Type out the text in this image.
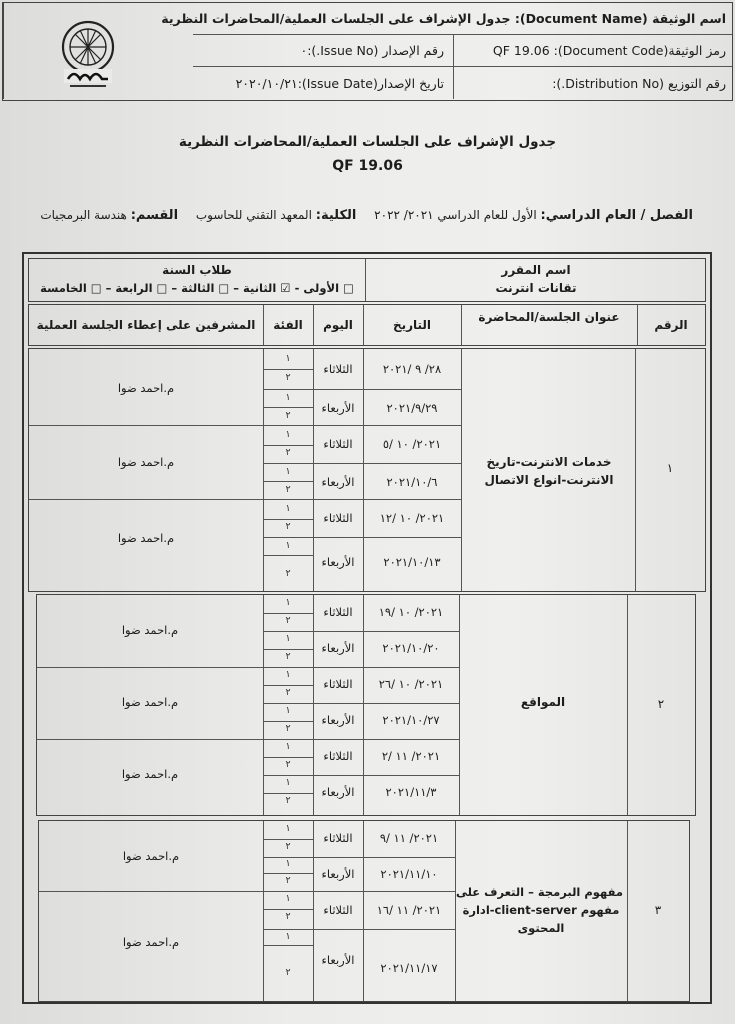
اسم الوثيقة (Document Name): جدول الإشراف على الجلسات العملية/المحاضرات النظرية
رمز الوثيقة(Document Code): QF 19.06
رقم الإصدار (Issue No.):٠
رقم التوزيع (Distribution No.):
تاريخ الإصدار(Issue Date):٢٠٢٠/١٠/٢١
جدول الإشراف على الجلسات العملية/المحاضرات النظرية
QF 19.06
الفصل / العام الدراسي: الأول للعام الدراسي ٢٠٢١/ ٢٠٢٢ الكلية: المعهد التقني للحاسوب القسم: هندسة البرمجيات
اسم المقرر
تقانات انترنت
طلاب السنة
□ الأولى - ☑ الثانية – □ الثالثة – □ الرابعة – □ الخامسة
الرقم
عنوان الجلسة/المحاضرة
التاريخ
اليوم
الفئة
المشرفين على إعطاء الجلسة العملية
١
خدمات الانترنت-تاريخ الانترنت-انواع الاتصال
٢٨/ ٩ /٢٠٢١
الثلاثاء
١
٢
٢٠٢١/٩/٢٩
الأربعاء
١
٢
م.احمد ضوا
٢٠٢١/ ١٠ /٥
الثلاثاء
١
٢
٢٠٢١/١٠/٦
الأربعاء
١
٢
م.احمد ضوا
٢٠٢١/ ١٠ /١٢
الثلاثاء
١
٢
٢٠٢١/١٠/١٣
الأربعاء
١
٢
م.احمد ضوا
٢
المواقع
٢٠٢١/ ١٠ /١٩
الثلاثاء
١
٢
٢٠٢١/١٠/٢٠
الأربعاء
١
٢
م.احمد ضوا
٢٠٢١/ ١٠ /٢٦
الثلاثاء
١
٢
٢٠٢١/١٠/٢٧
الأربعاء
١
٢
م.احمد ضوا
٢٠٢١/ ١١ /٢
الثلاثاء
١
٢
٢٠٢١/١١/٣
الأربعاء
١
٢
م.احمد ضوا
٣
مفهوم البرمجة – التعرف على
مفهوم client-server-ادارة
المحتوى
٢٠٢١/ ١١ /٩
الثلاثاء
١
٢
٢٠٢١/١١/١٠
الأربعاء
١
٢
م.احمد ضوا
٢٠٢١/ ١١ /١٦
الثلاثاء
١
٢
٢٠٢١/١١/١٧
الأربعاء
١
٢
م.احمد ضوا
